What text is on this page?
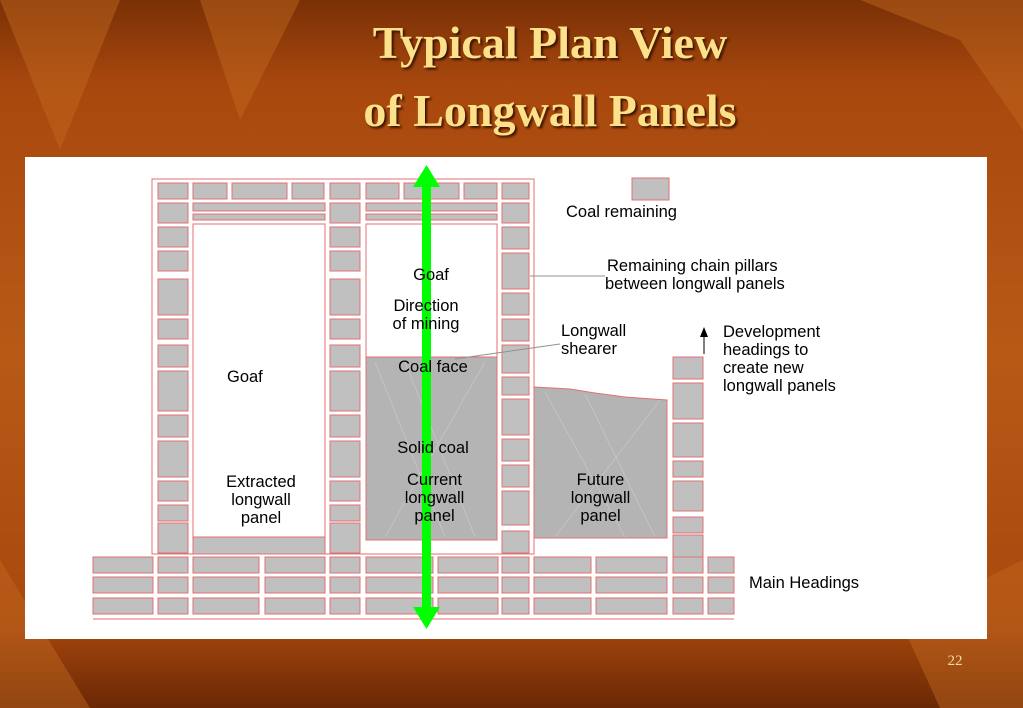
Typical Plan View
of Longwall Panels
Coal remaining
Remaining chain pillars
between longwall panels
Longwall
shearer
Development
headings to
create new
longwall panels
Goaf
Goaf
Direction
of mining
Coal face
Solid coal
Extracted
longwall
panel
Current
longwall
panel
Future
longwall
panel
Main Headings
22
